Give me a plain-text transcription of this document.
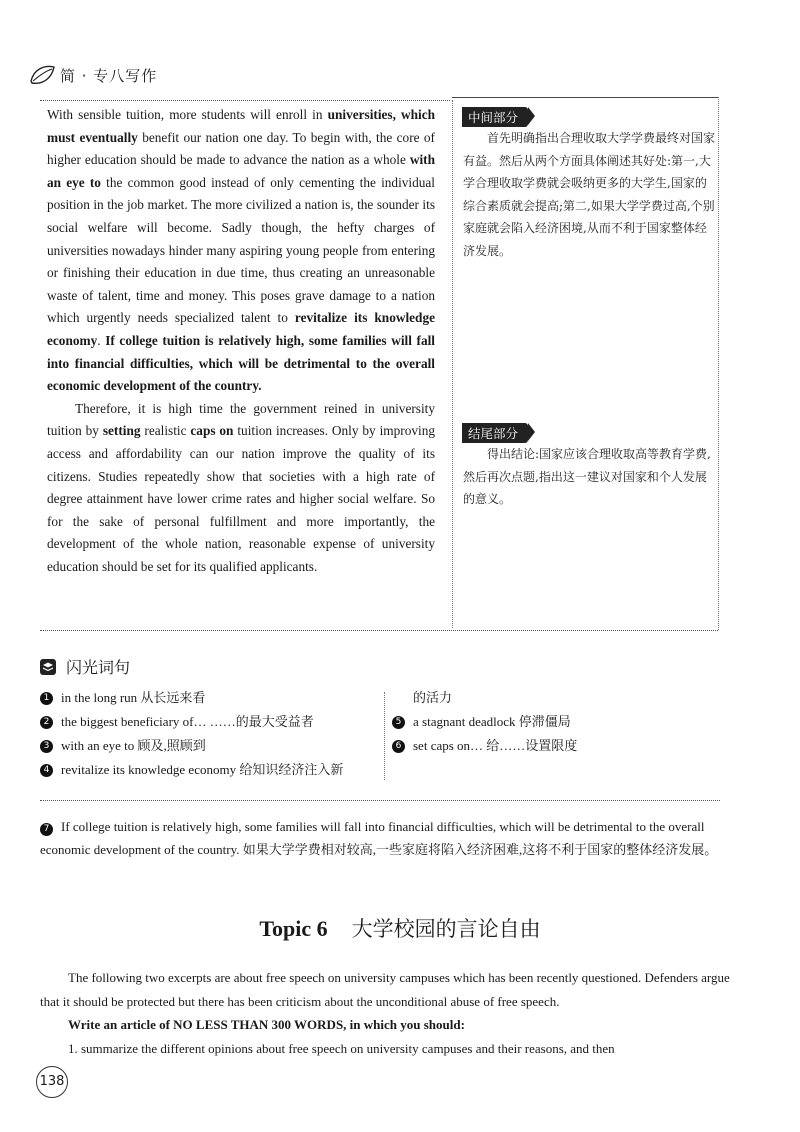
简 · 专八写作

With sensible tuition, more students will enroll in universities, which must eventually benefit our nation one day. To begin with, the core of higher education should be made to advance the nation as a whole with an eye to the common good instead of only cementing the individual position in the job market. The more civilized a nation is, the sounder its social welfare will become. Sadly though, the hefty charges of universities nowadays hinder many aspiring young people from entering or finishing their education in due time, thus creating an unreasonable waste of talent, time and money. This poses grave damage to a nation which urgently needs specialized talent to revitalize its knowledge economy. If college tuition is relatively high, some families will fall into financial difficulties, which will be detrimental to the overall economic development of the country.

Therefore, it is high time the government reined in university tuition by setting realistic caps on tuition increases. Only by improving access and affordability can our nation improve the quality of its citizens. Studies repeatedly show that societies with a high rate of degree attainment have lower crime rates and higher social welfare. So for the sake of personal fulfillment and more importantly, the development of the whole nation, reasonable expense of university education should be set for its qualified applicants.

中间部分
首先明确指出合理收取大学学费最终对国家有益。然后从两个方面具体阐述其好处:第一,大学合理收取学费就会吸纳更多的大学生,国家的综合素质就会提高;第二,如果大学学费过高,个别家庭就会陷入经济困境,从而不利于国家整体经济发展。
结尾部分
得出结论:国家应该合理收取高等教育学费,然后再次点题,指出这一建议对国家和个人发展的意义。
闪光词句
1 in the long run 从长远来看
2 the biggest beneficiary of… ……的最大受益者
3 with an eye to 顾及,照顾到
4 revitalize its knowledge economy 给知识经济注入新
的活力
5 a stagnant deadlock 停滞僵局
6 set caps on… 给……设置限度
7 If college tuition is relatively high, some families will fall into financial difficulties, which will be detrimental to the overall economic development of the country. 如果大学学费相对较高,一些家庭将陷入经济困难,这将不利于国家的整体经济发展。
Topic 6 大学校园的言论自由

The following two excerpts are about free speech on university campuses which has been recently questioned. Defenders argue that it should be protected but there has been criticism about the unconditional abuse of free speech.

Write an article of NO LESS THAN 300 WORDS, in which you should:

1. summarize the different opinions about free speech on university campuses and their reasons, and then

138
